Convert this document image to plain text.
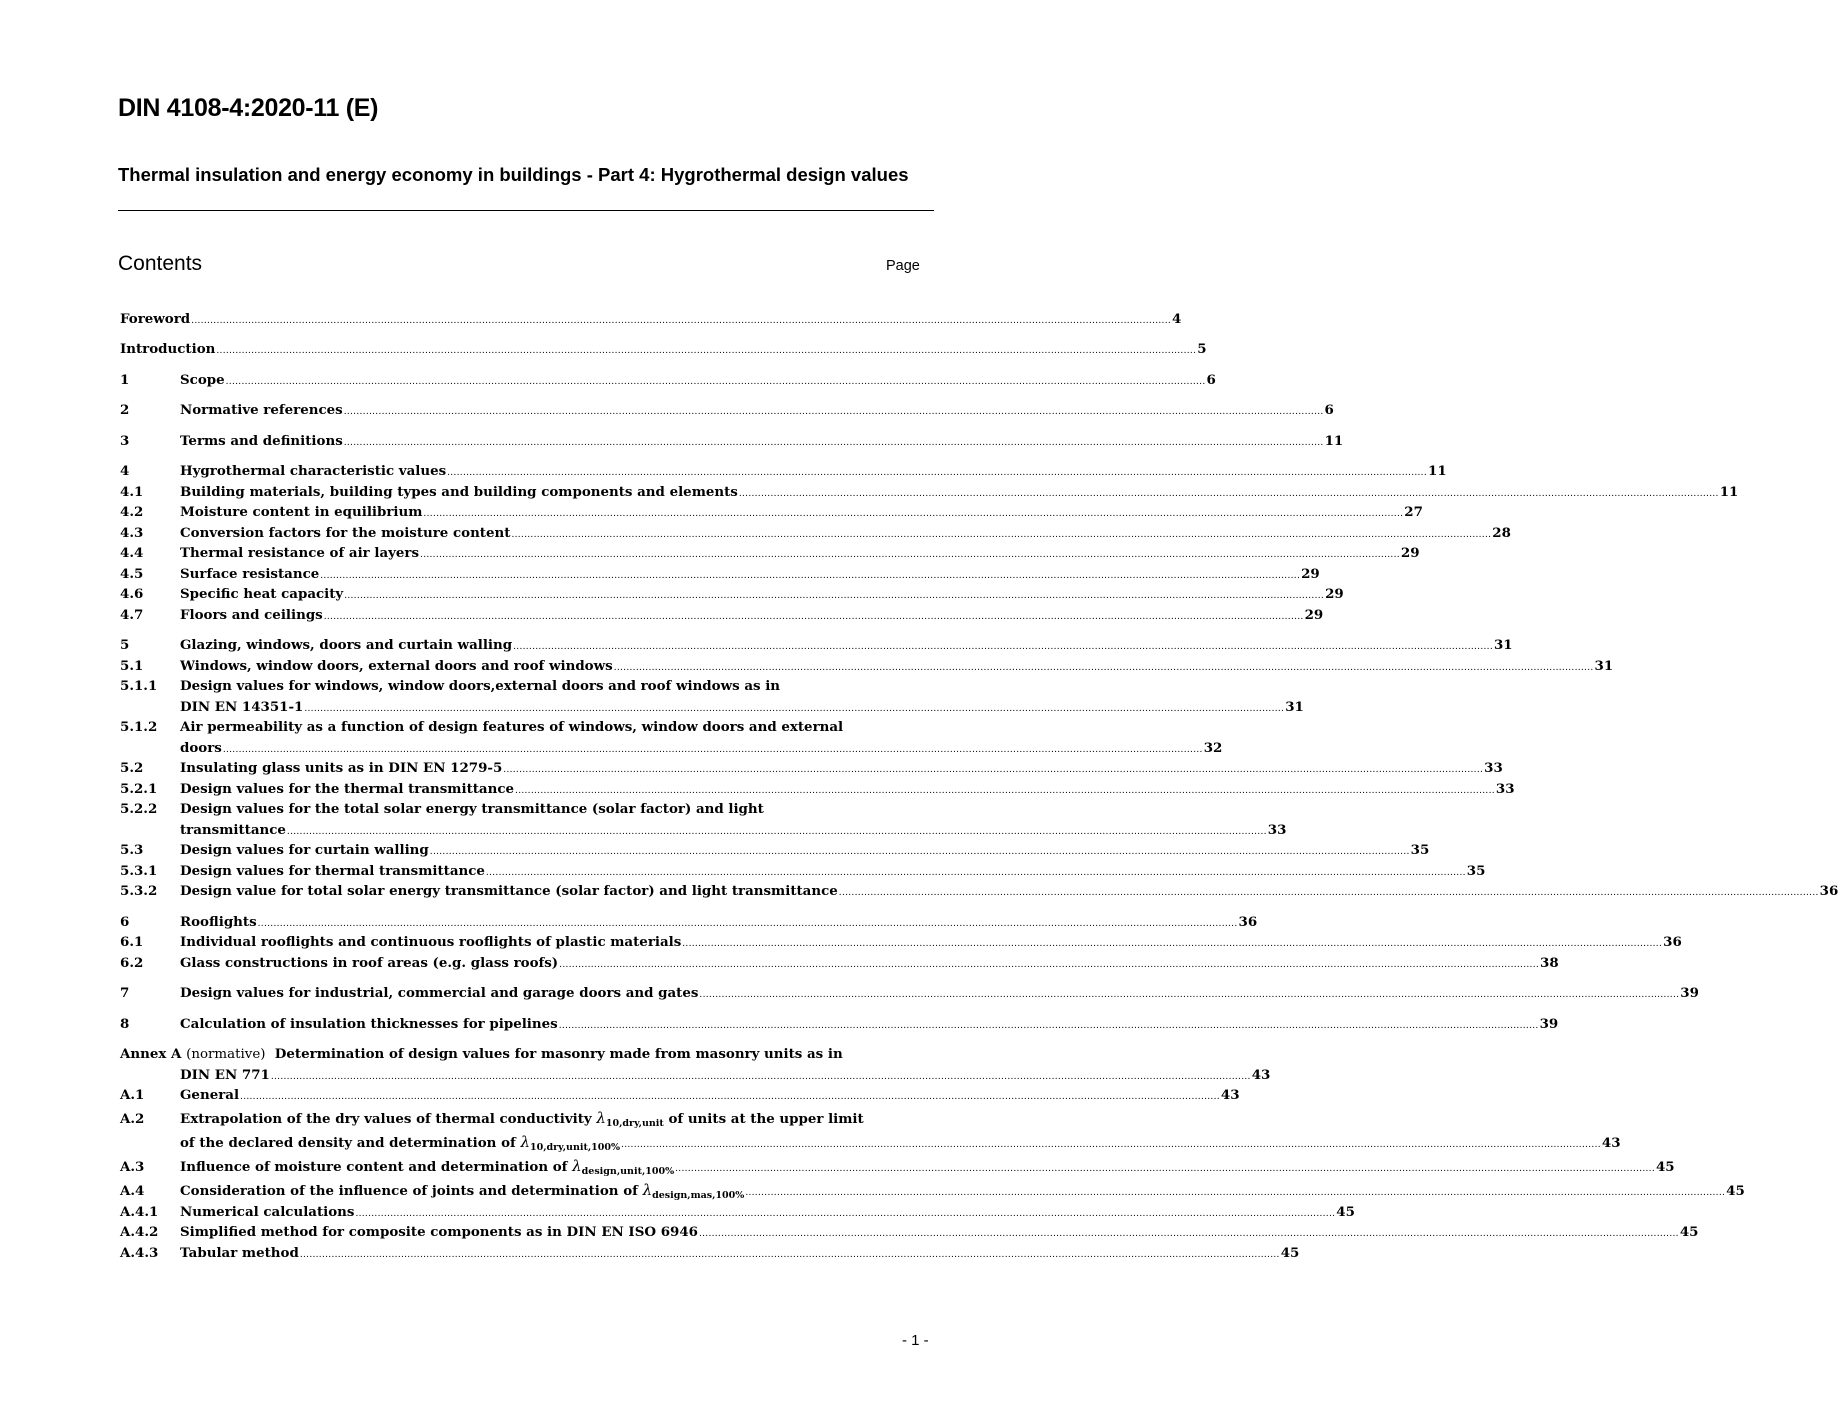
DIN 4108-4:2020-11 (E)
Thermal insulation and energy economy in buildings - Part 4: Hygrothermal design values
Contents	Page
Foreword .....	4
Introduction .....	5
1	Scope .....	6
2	Normative references .....	6
3	Terms and definitions .....	11
4	Hygrothermal characteristic values .....	11
4.1	Building materials, building types and building components and elements .....	11
4.2	Moisture content in equilibrium .....	27
4.3	Conversion factors for the moisture content .....	28
4.4	Thermal resistance of air layers .....	29
4.5	Surface resistance .....	29
4.6	Specific heat capacity .....	29
4.7	Floors and ceilings .....	29
5	Glazing, windows, doors and curtain walling .....	31
5.1	Windows, window doors, external doors and roof windows .....	31
5.1.1	Design values for windows, window doors,external doors and roof windows as in
DIN EN 14351-1 .....	31
5.1.2	Air permeability as a function of design features of windows, window doors and external
doors .....	32
5.2	Insulating glass units as in DIN EN 1279-5 .....	33
5.2.1	Design values for the thermal transmittance .....	33
5.2.2	Design values for the total solar energy transmittance (solar factor) and light
transmittance .....	33
5.3	Design values for curtain walling .....	35
5.3.1	Design values for thermal transmittance .....	35
5.3.2	Design value for total solar energy transmittance (solar factor) and light transmittance .....	36
6	Rooflights .....	36
6.1	Individual rooflights and continuous rooflights of plastic materials .....	36
6.2	Glass constructions in roof areas (e.g. glass roofs) .....	38
7	Design values for industrial, commercial and garage doors and gates .....	39
8	Calculation of insulation thicknesses for pipelines .....	39
Annex A (normative) Determination of design values for masonry made from masonry units as in
DIN EN 771 .....	43
A.1	General .....	43
A.2	Extrapolation of the dry values of thermal conductivity $\lambda_{10,dry,unit}$ of units at the upper limit
of the declared density and determination of $\lambda_{10,dry,unit,100\%}$ .....	43
A.3	Influence of moisture content and determination of $\lambda_{design,unit,100\%}$ .....	45
A.4	Consideration of the influence of joints and determination of $\lambda_{design,mas,100\%}$ .....	45
A.4.1	Numerical calculations .....	45
A.4.2	Simplified method for composite components as in DIN EN ISO 6946 .....	45
A.4.3	Tabular method .....	45
- 1 -
